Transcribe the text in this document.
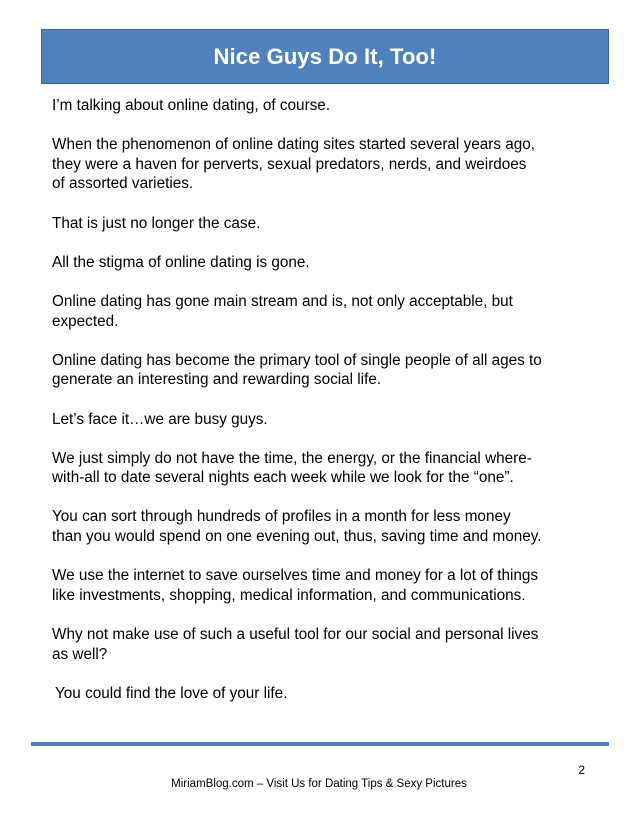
Nice Guys Do It, Too!

I’m talking about online dating, of course.

When the phenomenon of online dating sites started several years ago,
they were a haven for perverts, sexual predators, nerds, and weirdoes
of assorted varieties.

That is just no longer the case.

All the stigma of online dating is gone.

Online dating has gone main stream and is, not only acceptable, but
expected.

Online dating has become the primary tool of single people of all ages to
generate an interesting and rewarding social life.

Let’s face it…we are busy guys.

We just simply do not have the time, the energy, or the financial where-
with-all to date several nights each week while we look for the “one”.

You can sort through hundreds of profiles in a month for less money
than you would spend on one evening out, thus, saving time and money.

We use the internet to save ourselves time and money for a lot of things
like investments, shopping, medical information, and communications.

Why not make use of such a useful tool for our social and personal lives
as well?

You could find the love of your life.

2
MiriamBlog.com – Visit Us for Dating Tips & Sexy Pictures
